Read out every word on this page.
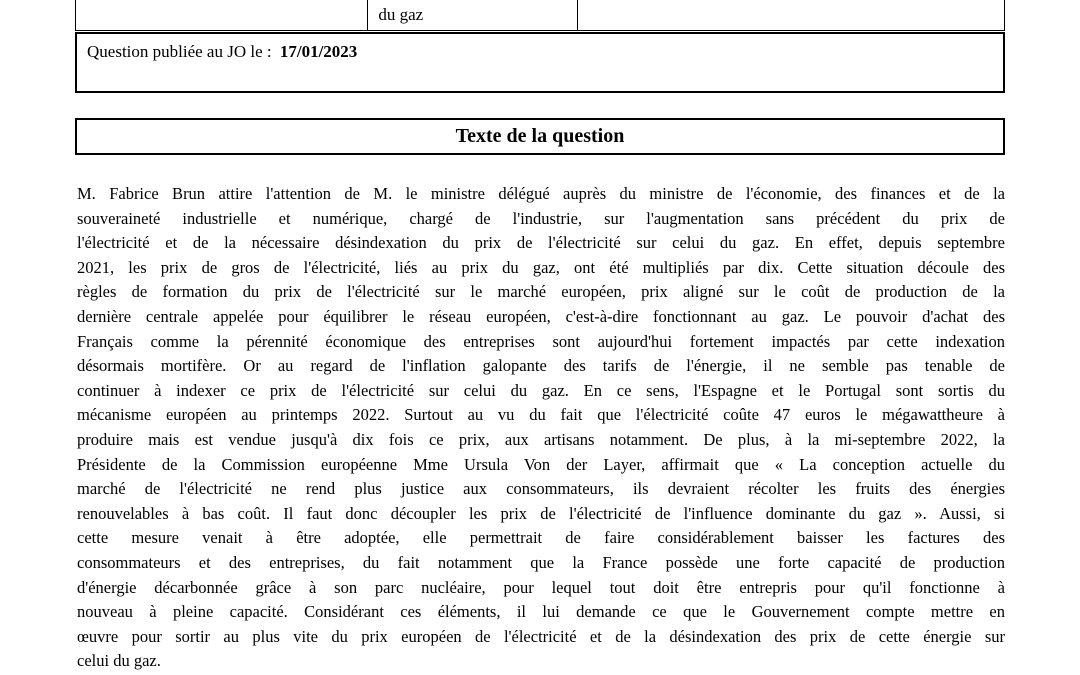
du gaz
Question publiée au JO le : 17/01/2023
Texte de la question
M. Fabrice Brun attire l'attention de M. le ministre délégué auprès du ministre de l'économie, des finances et de la
souveraineté industrielle et numérique, chargé de l'industrie, sur l'augmentation sans précédent du prix de
l'électricité et de la nécessaire désindexation du prix de l'électricité sur celui du gaz. En effet, depuis septembre
2021, les prix de gros de l'électricité, liés au prix du gaz, ont été multipliés par dix. Cette situation découle des
règles de formation du prix de l'électricité sur le marché européen, prix aligné sur le coût de production de la
dernière centrale appelée pour équilibrer le réseau européen, c'est-à-dire fonctionnant au gaz. Le pouvoir d'achat des
Français comme la pérennité économique des entreprises sont aujourd'hui fortement impactés par cette indexation
désormais mortifère. Or au regard de l'inflation galopante des tarifs de l'énergie, il ne semble pas tenable de
continuer à indexer ce prix de l'électricité sur celui du gaz. En ce sens, l'Espagne et le Portugal sont sortis du
mécanisme européen au printemps 2022. Surtout au vu du fait que l'électricité coûte 47 euros le mégawattheure à
produire mais est vendue jusqu'à dix fois ce prix, aux artisans notamment. De plus, à la mi-septembre 2022, la
Présidente de la Commission européenne Mme Ursula Von der Layer, affirmait que « La conception actuelle du
marché de l'électricité ne rend plus justice aux consommateurs, ils devraient récolter les fruits des énergies
renouvelables à bas coût. Il faut donc découpler les prix de l'électricité de l'influence dominante du gaz ». Aussi, si
cette mesure venait à être adoptée, elle permettrait de faire considérablement baisser les factures des
consommateurs et des entreprises, du fait notamment que la France possède une forte capacité de production
d'énergie décarbonnée grâce à son parc nucléaire, pour lequel tout doit être entrepris pour qu'il fonctionne à
nouveau à pleine capacité. Considérant ces éléments, il lui demande ce que le Gouvernement compte mettre en
œuvre pour sortir au plus vite du prix européen de l'électricité et de la désindexation des prix de cette énergie sur
celui du gaz.
